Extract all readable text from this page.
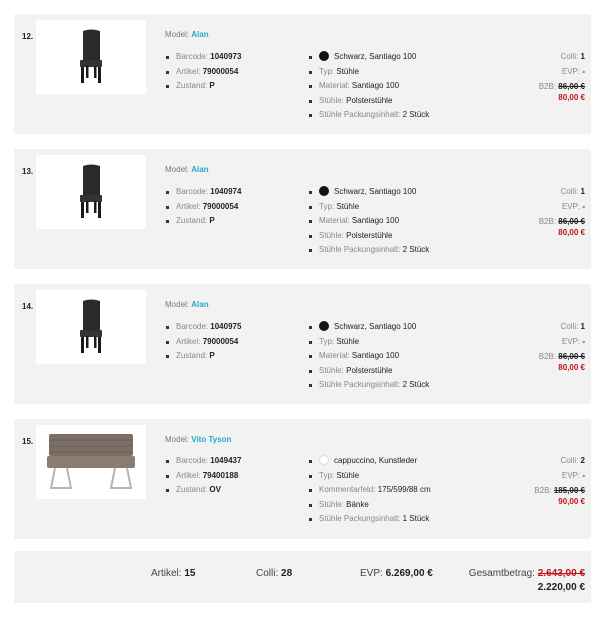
12.	Model: Alan
Barcode: 1040973
Artikel: 79000054
Zustand: P
Schwarz, Santiago 100
Typ: Stühle
Material: Santiago 100
Stühle: Polsterstühle
Stühle Packungsinhalt: 2 Stück
Colli: 1
EVP: -
B2B: 86,00 €
80,00 €
13.	Model: Alan
Barcode: 1040974
Artikel: 79000054
Zustand: P
Schwarz, Santiago 100
Typ: Stühle
Material: Santiago 100
Stühle: Polsterstühle
Stühle Packungsinhalt: 2 Stück
Colli: 1
EVP: -
B2B: 86,00 €
80,00 €
14.	Model: Alan
Barcode: 1040975
Artikel: 79000054
Zustand: P
Schwarz, Santiago 100
Typ: Stühle
Material: Santiago 100
Stühle: Polsterstühle
Stühle Packungsinhalt: 2 Stück
Colli: 1
EVP: -
B2B: 86,00 €
80,00 €
15.	Model: Vito Tyson
Barcode: 1049437
Artikel: 79400188
Zustand: OV
cappuccino, Kunstleder
Typ: Stühle
Kommentarfeld: 175/599/88 cm
Stühle: Bänke
Stühle Packungsinhalt: 1 Stück
Colli: 2
EVP: -
B2B: 185,00 €
90,00 €
Artikel: 15	Colli: 28	EVP: 6.269,00 €	Gesamtbetrag: 2.643,00 €
2.220,00 €
